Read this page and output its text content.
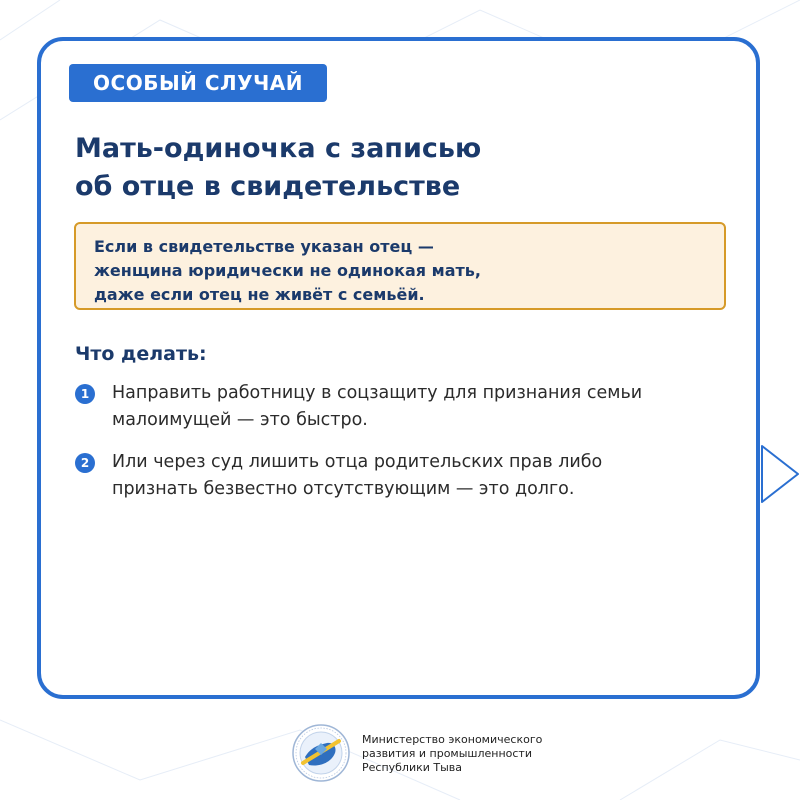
ОСОБЫЙ СЛУЧАЙ
Мать-одиночка с записью
об отце в свидетельстве
Если в свидетельстве указан отец —
женщина юридически не одинокая мать,
даже если отец не живёт с семьёй.
Что делать:
1	Направить работницу в соцзащиту для признания семьи
малоимущей — это быстро.
2	Или через суд лишить отца родительских прав либо
признать безвестно отсутствующим — это долго.
Министерство экономического
развития и промышленности
Республики Тыва
